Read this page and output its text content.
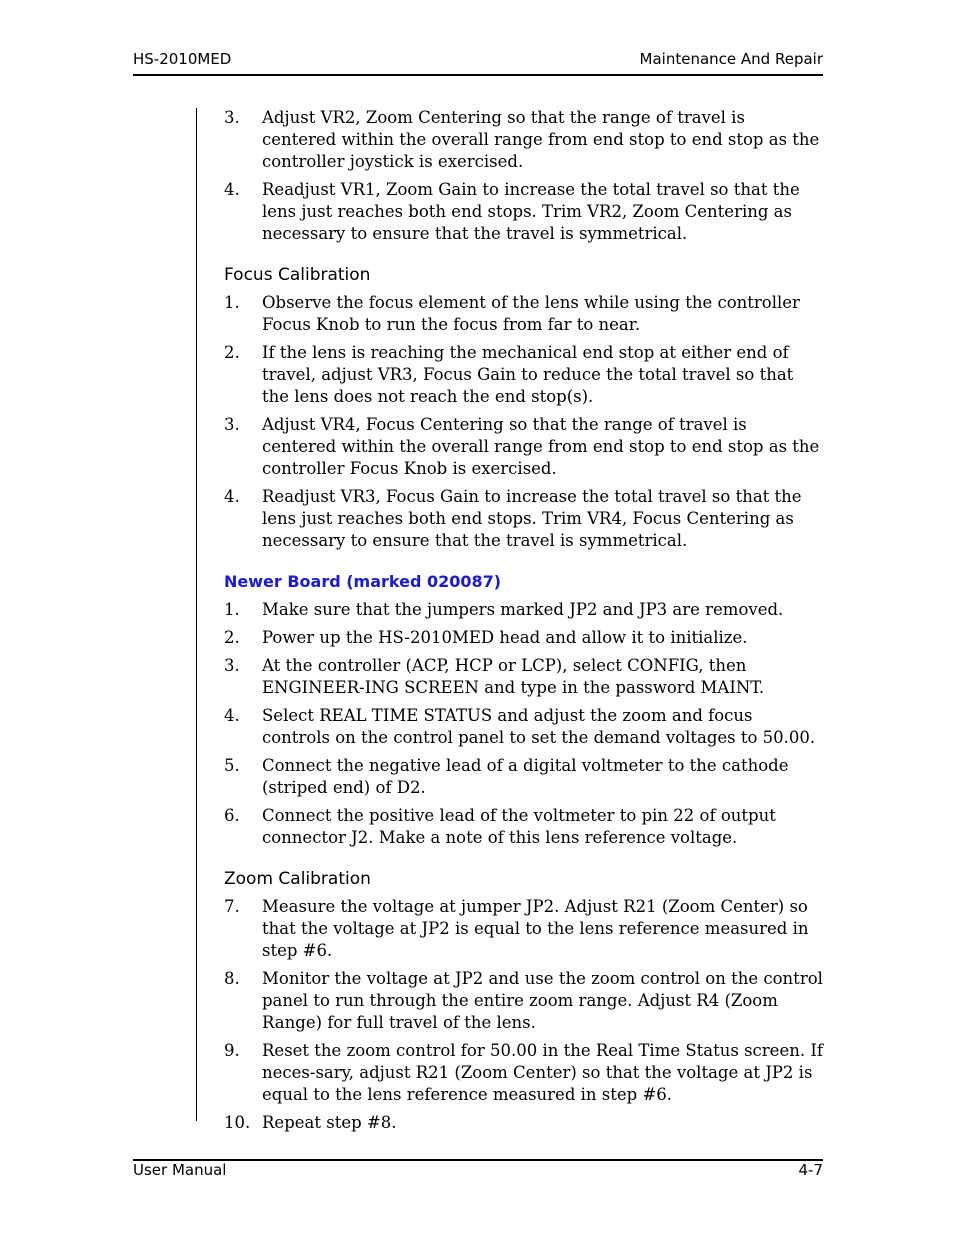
HS-2010MED	Maintenance And Repair
3. Adjust VR2, Zoom Centering so that the range of travel is centered within the overall range from end stop to end stop as the controller joystick is exercised.
4. Readjust VR1, Zoom Gain to increase the total travel so that the lens just reaches both end stops. Trim VR2, Zoom Centering as necessary to ensure that the travel is symmetrical.
Focus Calibration
1. Observe the focus element of the lens while using the controller Focus Knob to run the focus from far to near.
2. If the lens is reaching the mechanical end stop at either end of travel, adjust VR3, Focus Gain to reduce the total travel so that the lens does not reach the end stop(s).
3. Adjust VR4, Focus Centering so that the range of travel is centered within the overall range from end stop to end stop as the controller Focus Knob is exercised.
4. Readjust VR3, Focus Gain to increase the total travel so that the lens just reaches both end stops. Trim VR4, Focus Centering as necessary to ensure that the travel is symmetrical.
Newer Board (marked 020087)
1. Make sure that the jumpers marked JP2 and JP3 are removed.
2. Power up the HS-2010MED head and allow it to initialize.
3. At the controller (ACP, HCP or LCP), select CONFIG, then ENGINEER-ING SCREEN and type in the password MAINT.
4. Select REAL TIME STATUS and adjust the zoom and focus controls on the control panel to set the demand voltages to 50.00.
5. Connect the negative lead of a digital voltmeter to the cathode (striped end) of D2.
6. Connect the positive lead of the voltmeter to pin 22 of output connector J2. Make a note of this lens reference voltage.
Zoom Calibration
7. Measure the voltage at jumper JP2. Adjust R21 (Zoom Center) so that the voltage at JP2 is equal to the lens reference measured in step #6.
8. Monitor the voltage at JP2 and use the zoom control on the control panel to run through the entire zoom range. Adjust R4 (Zoom Range) for full travel of the lens.
9. Reset the zoom control for 50.00 in the Real Time Status screen. If neces-sary, adjust R21 (Zoom Center) so that the voltage at JP2 is equal to the lens reference measured in step #6.
10. Repeat step #8.
User Manual	4-7
